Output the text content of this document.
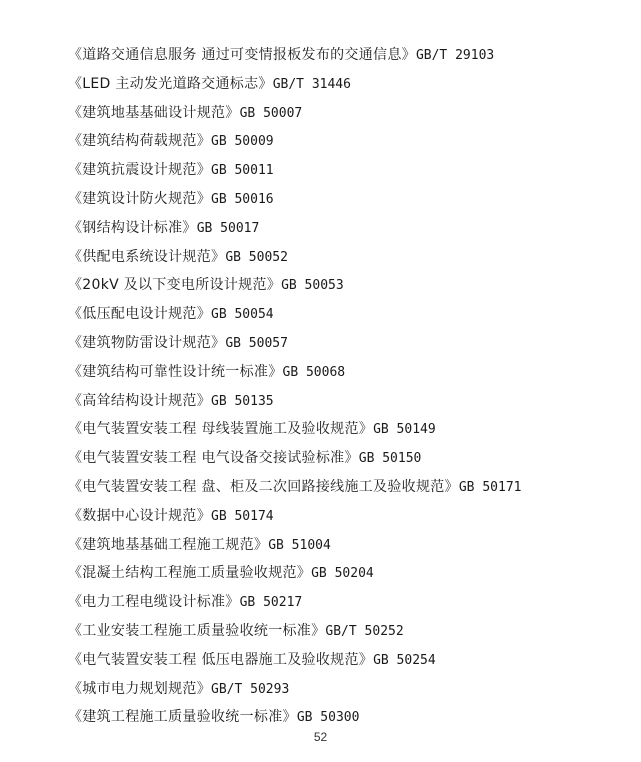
《道路交通信息服务 通过可变情报板发布的交通信息》GB/T 29103
《LED 主动发光道路交通标志》GB/T 31446
《建筑地基基础设计规范》GB 50007
《建筑结构荷载规范》GB 50009
《建筑抗震设计规范》GB 50011
《建筑设计防火规范》GB 50016
《钢结构设计标准》GB 50017
《供配电系统设计规范》GB 50052
《20kV 及以下变电所设计规范》GB 50053
《低压配电设计规范》GB 50054
《建筑物防雷设计规范》GB 50057
《建筑结构可靠性设计统一标准》GB 50068
《高耸结构设计规范》GB 50135
《电气装置安装工程 母线装置施工及验收规范》GB 50149
《电气装置安装工程 电气设备交接试验标准》GB 50150
《电气装置安装工程 盘、柜及二次回路接线施工及验收规范》GB 50171
《数据中心设计规范》GB 50174
《建筑地基基础工程施工规范》GB 51004
《混凝土结构工程施工质量验收规范》GB 50204
《电力工程电缆设计标准》GB 50217
《工业安装工程施工质量验收统一标准》GB/T 50252
《电气装置安装工程 低压电器施工及验收规范》GB 50254
《城市电力规划规范》GB/T 50293
《建筑工程施工质量验收统一标准》GB 50300
52
